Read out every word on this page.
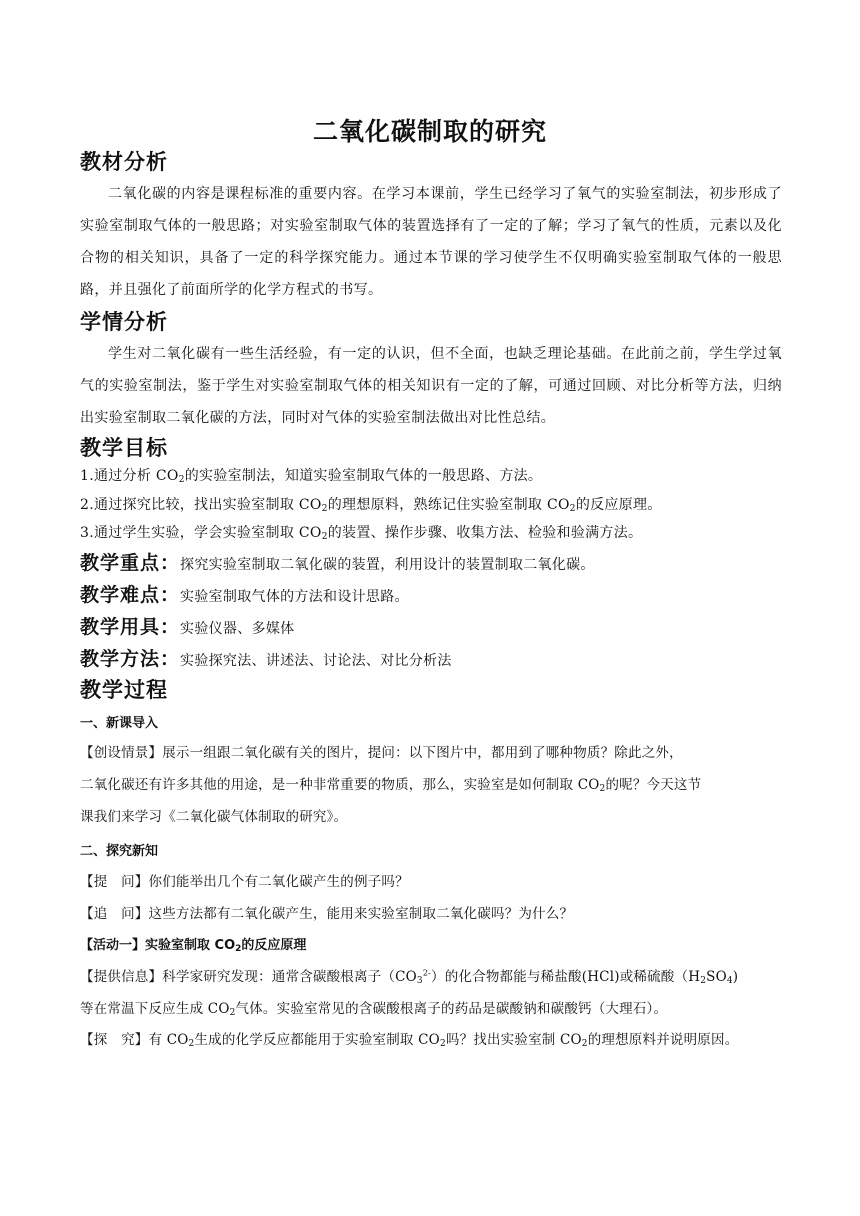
二氧化碳制取的研究
教材分析
二氧化碳的内容是课程标准的重要内容。在学习本课前，学生已经学习了氧气的实验室制法，初步形成了实验室制取气体的一般思路；对实验室制取气体的装置选择有了一定的了解；学习了氧气的性质，元素以及化合物的相关知识，具备了一定的科学探究能力。通过本节课的学习使学生不仅明确实验室制取气体的一般思路，并且强化了前面所学的化学方程式的书写。
学情分析
学生对二氧化碳有一些生活经验，有一定的认识，但不全面，也缺乏理论基础。在此前之前，学生学过氧气的实验室制法，鉴于学生对实验室制取气体的相关知识有一定的了解，可通过回顾、对比分析等方法，归纳出实验室制取二氧化碳的方法，同时对气体的实验室制法做出对比性总结。
教学目标
1.通过分析 $CO_2$的实验室制法，知道实验室制取气体的一般思路、方法。
2.通过探究比较，找出实验室制取 $CO_2$的理想原料，熟练记住实验室制取 $CO_2$的反应原理。
3.通过学生实验，学会实验室制取 $CO_2$的装置、操作步骤、收集方法、检验和验满方法。
教学重点：探究实验室制取二氧化碳的装置，利用设计的装置制取二氧化碳。
教学难点：实验室制取气体的方法和设计思路。
教学用具：实验仪器、多媒体
教学方法：实验探究法、讲述法、讨论法、对比分析法
教学过程
一、新课导入
【创设情景】展示一组跟二氧化碳有关的图片，提问：以下图片中，都用到了哪种物质？除此之外，
二氧化碳还有许多其他的用途，是一种非常重要的物质，那么，实验室是如何制取 $CO_2$的呢？今天这节
课我们来学习《二氧化碳气体制取的研究》。
二、探究新知
【提　问】你们能举出几个有二氧化碳产生的例子吗？
【追　问】这些方法都有二氧化碳产生，能用来实验室制取二氧化碳吗？为什么？
【活动一】实验室制取 $CO_2$的反应原理
【提供信息】科学家研究发现：通常含碳酸根离子$(CO_3^{2-})$的化合物都能与稀盐酸(HCl)或稀硫酸$(H_2SO_4)$
等在常温下反应生成 $CO_2$气体。实验室常见的含碳酸根离子的药品是碳酸钠和碳酸钙（大理石）。
【探　究】有 $CO_2$生成的化学反应都能用于实验室制取 $CO_2$吗？找出实验室制 $CO_2$的理想原料并说明原因。
